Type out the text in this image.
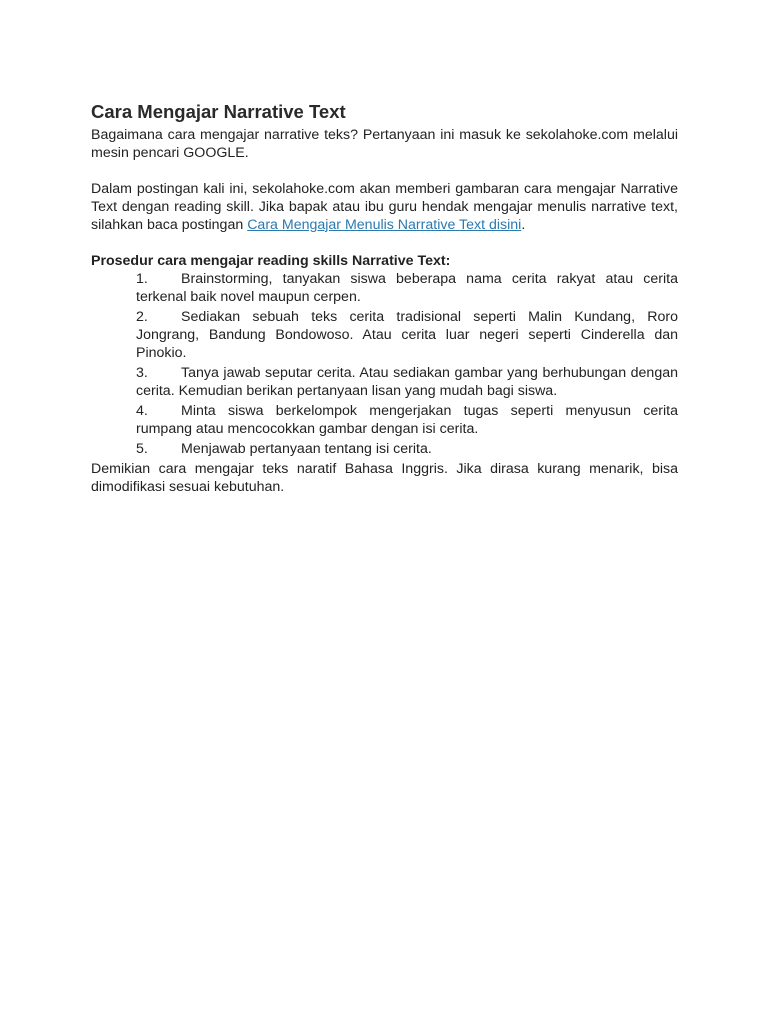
Cara Mengajar Narrative Text

Bagaimana cara mengajar narrative teks? Pertanyaan ini masuk ke sekolahoke.com melalui mesin pencari GOOGLE.

Dalam postingan kali ini, sekolahoke.com akan memberi gambaran cara mengajar Narrative Text dengan reading skill. Jika bapak atau ibu guru hendak mengajar menulis narrative text, silahkan baca postingan Cara Mengajar Menulis Narrative Text disini.

Prosedur cara mengajar reading skills Narrative Text:

1. Brainstorming, tanyakan siswa beberapa nama cerita rakyat atau cerita terkenal baik novel maupun cerpen.
2. Sediakan sebuah teks cerita tradisional seperti Malin Kundang, Roro Jongrang, Bandung Bondowoso. Atau cerita luar negeri seperti Cinderella dan Pinokio.
3. Tanya jawab seputar cerita. Atau sediakan gambar yang berhubungan dengan cerita. Kemudian berikan pertanyaan lisan yang mudah bagi siswa.
4. Minta siswa berkelompok mengerjakan tugas seperti menyusun cerita rumpang atau mencocokkan gambar dengan isi cerita.
5. Menjawab pertanyaan tentang isi cerita.

Demikian cara mengajar teks naratif Bahasa Inggris. Jika dirasa kurang menarik, bisa dimodifikasi sesuai kebutuhan.
